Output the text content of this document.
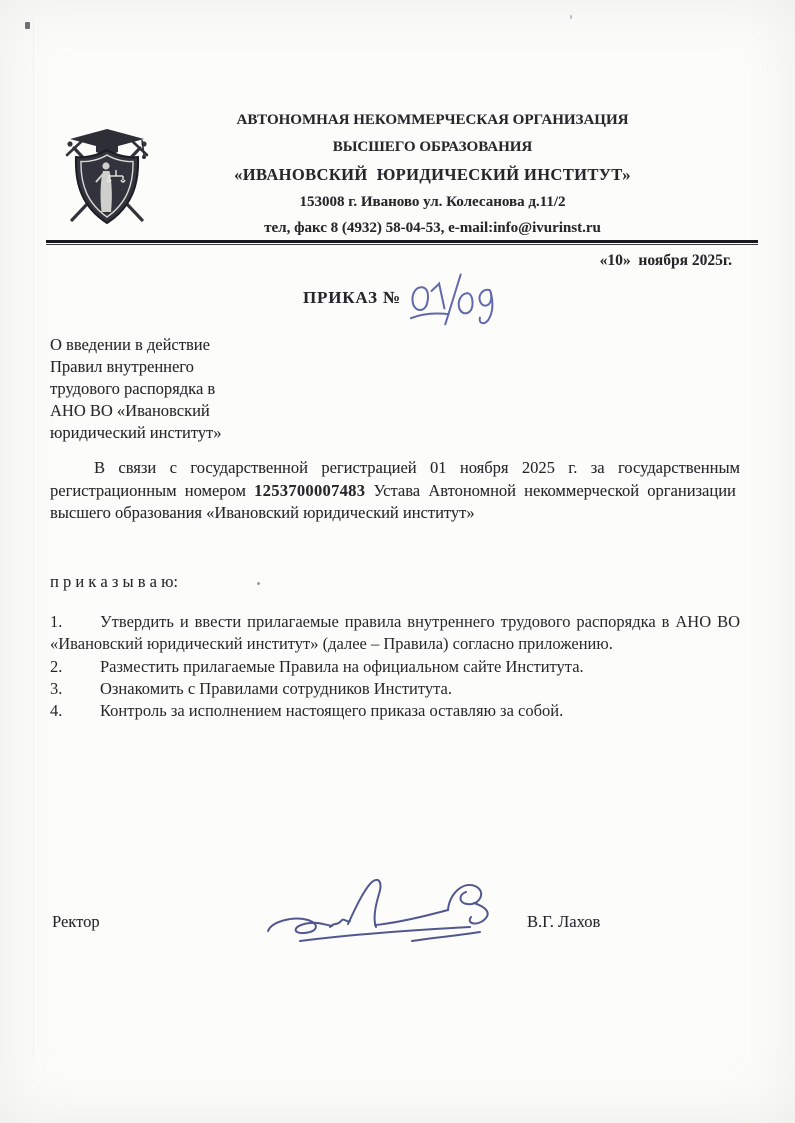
АВТОНОМНАЯ НЕКОММЕРЧЕСКАЯ ОРГАНИЗАЦИЯ
ВЫСШЕГО ОБРАЗОВАНИЯ
«ИВАНОВСКИЙ  ЮРИДИЧЕСКИЙ ИНСТИТУТ»
153008 г. Иваново ул. Колесанова д.11/2
тел, факс 8 (4932) 58-04-53, e-mail:info@ivurinst.ru
«10»  ноября 2025г.
ПРИКАЗ №
О введении в действие
Правил внутреннего
трудового распорядка в
АНО ВО «Ивановский
юридический институт»
В связи с государственной регистрацией 01 ноября 2025 г. за государственным регистрационным номером 1253700007483 Устава Автономной некоммерческой организации  высшего образования «Ивановский юридический институт»
п р и к а з ы в а ю:
1. Утвердить и ввести прилагаемые правила внутреннего трудового распорядка в АНО ВО «Ивановский юридический институт» (далее – Правила) согласно приложению.
2. Разместить прилагаемые Правила на официальном сайте Института.
3. Ознакомить с Правилами сотрудников Института.
4. Контроль за исполнением настоящего приказа оставляю за собой.
Ректор	В.Г. Лахов
